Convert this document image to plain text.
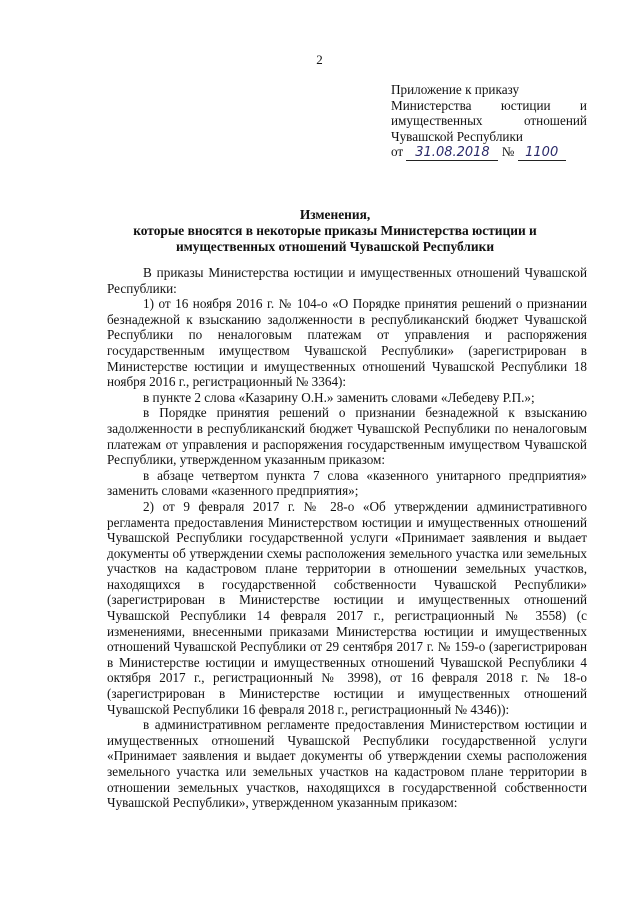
2
Приложение к приказу
Министерства юстиции и
имущественных отношений
Чувашской Республики
от 31.08.2018 № 1100
Изменения,
которые вносятся в некоторые приказы Министерства юстиции и
имущественных отношений Чувашской Республики

В приказы Министерства юстиции и имущественных отношений Чувашской Республики:

1) от 16 ноября 2016 г. № 104-о «О Порядке принятия решений о признании безнадежной к взысканию задолженности в республиканский бюджет Чувашской Республики по неналоговым платежам от управления и распоряжения государственным имуществом Чувашской Республики» (зарегистрирован в Министерстве юстиции и имущественных отношений Чувашской Республики 18 ноября 2016 г., регистрационный № 3364):

в пункте 2 слова «Казарину О.Н.» заменить словами «Лебедеву Р.П.»;

в Порядке принятия решений о признании безнадежной к взысканию задолженности в республиканский бюджет Чувашской Республики по неналоговым платежам от управления и распоряжения государственным имуществом Чувашской Республики, утвержденном указанным приказом:

в абзаце четвертом пункта 7 слова «казенного унитарного предприятия» заменить словами «казенного предприятия»;

2) от 9 февраля 2017 г. № 28-о «Об утверждении административного регламента предоставления Министерством юстиции и имущественных отношений Чувашской Республики государственной услуги «Принимает заявления и выдает документы об утверждении схемы расположения земельного участка или земельных участков на кадастровом плане территории в отношении земельных участков, находящихся в государственной собственности Чувашской Республики» (зарегистрирован в Министерстве юстиции и имущественных отношений Чувашской Республики 14 февраля 2017 г., регистрационный № 3558) (с изменениями, внесенными приказами Министерства юстиции и имущественных отношений Чувашской Республики от 29 сентября 2017 г. № 159-о (зарегистрирован в Министерстве юстиции и имущественных отношений Чувашской Республики 4 октября 2017 г., регистрационный № 3998), от 16 февраля 2018 г. № 18-о (зарегистрирован в Министерстве юстиции и имущественных отношений Чувашской Республики 16 февраля 2018 г., регистрационный № 4346)):

в административном регламенте предоставления Министерством юстиции и имущественных отношений Чувашской Республики государственной услуги «Принимает заявления и выдает документы об утверждении схемы расположения земельного участка или земельных участков на кадастровом плане территории в отношении земельных участков, находящихся в государственной собственности Чувашской Республики», утвержденном указанным приказом:
